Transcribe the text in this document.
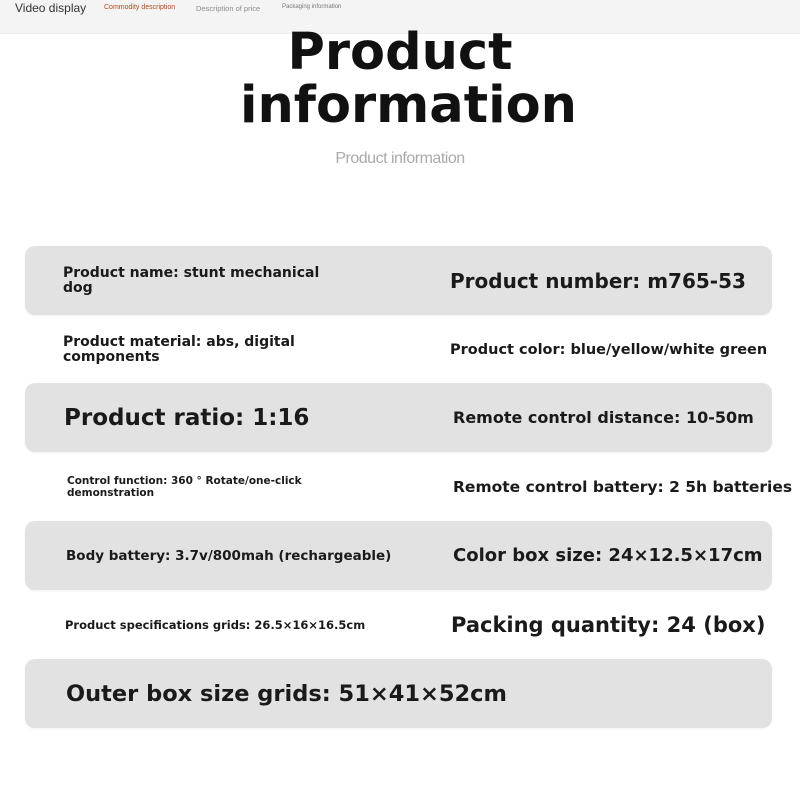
Video display	Commodity description	Description of price	Packaging information
Product information
Product information
Product name: stunt mechanical dog	Product number: m765-53
Product material: abs, digital components	Product color: blue/yellow/white green
Product ratio: 1:16	Remote control distance: 10-50m
Control function: 360 ° Rotate/one-click demonstration	Remote control battery: 2 5h batteries
Body battery: 3.7v/800mah (rechargeable)	Color box size: 24×12.5×17cm
Product specifications grids: 26.5×16×16.5cm	Packing quantity: 24 (box)
Outer box size grids: 51×41×52cm
